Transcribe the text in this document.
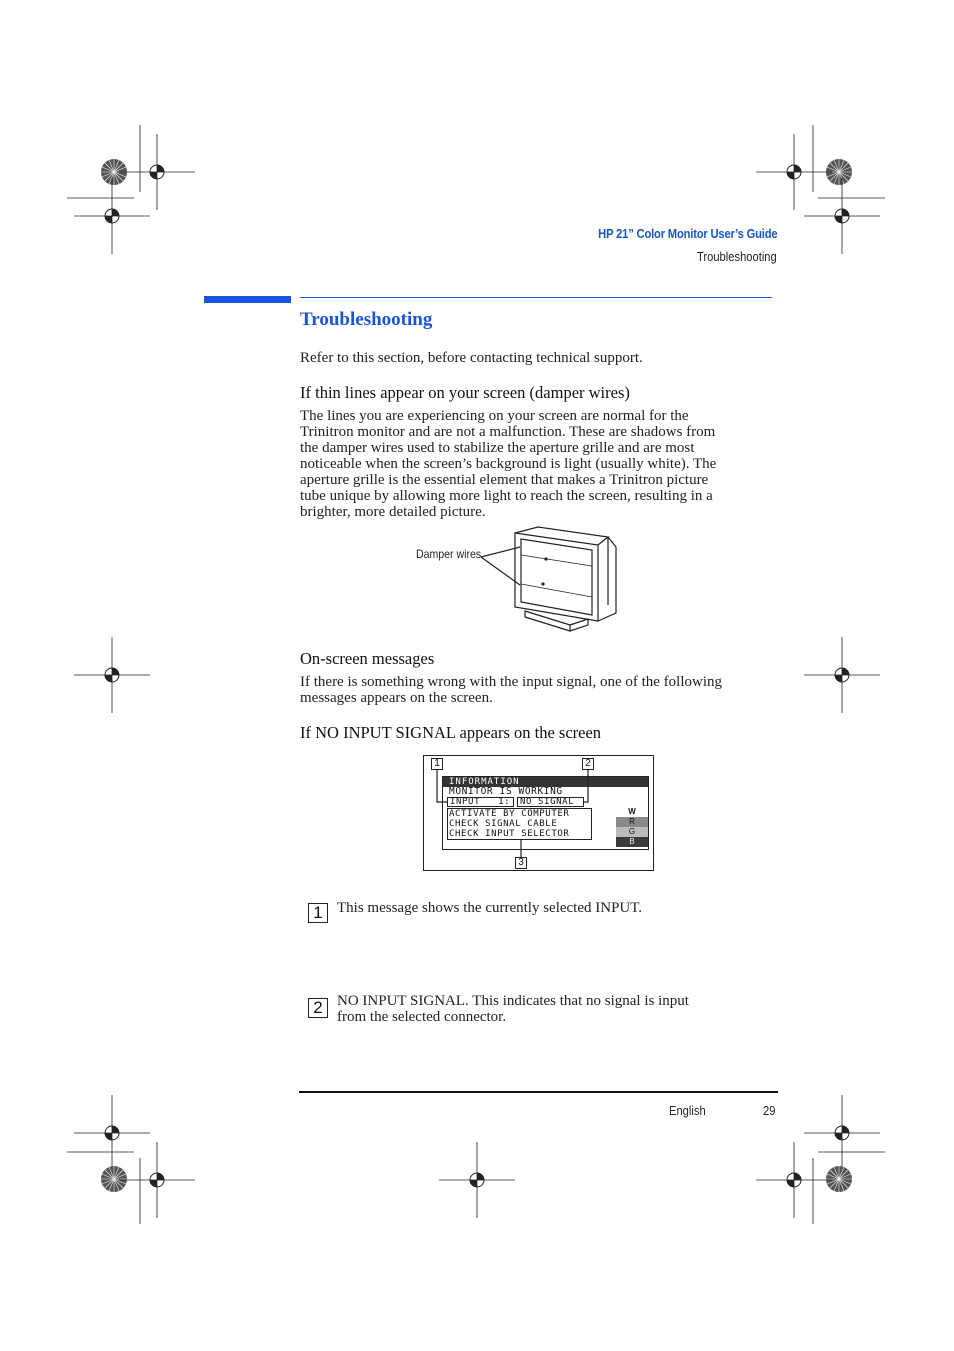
HP 21” Color Monitor User’s Guide
Troubleshooting
Troubleshooting
Refer to this section, before contacting technical support.
If thin lines appear on your screen (damper wires)
The lines you are experiencing on your screen are normal for the
Trinitron monitor and are not a malfunction. These are shadows from
the damper wires used to stabilize the aperture grille and are most
noticeable when the screen’s background is light (usually white). The
aperture grille is the essential element that makes a Trinitron picture
tube unique by allowing more light to reach the screen, resulting in a
brighter, more detailed picture.
Damper wires
On-screen messages
If there is something wrong with the input signal, one of the following
messages appears on the screen.
If NO INPUT SIGNAL appears on the screen
INFORMATION
MONITOR IS WORKING
INPUT   1:	NO SIGNAL
ACTIVATE BY COMPUTER
CHECK SIGNAL CABLE
CHECK INPUT SELECTOR
W
R
G
B
1	2
3
1 This message shows the currently selected INPUT.
2 NO INPUT SIGNAL. This indicates that no signal is input
from the selected connector.
English	29
